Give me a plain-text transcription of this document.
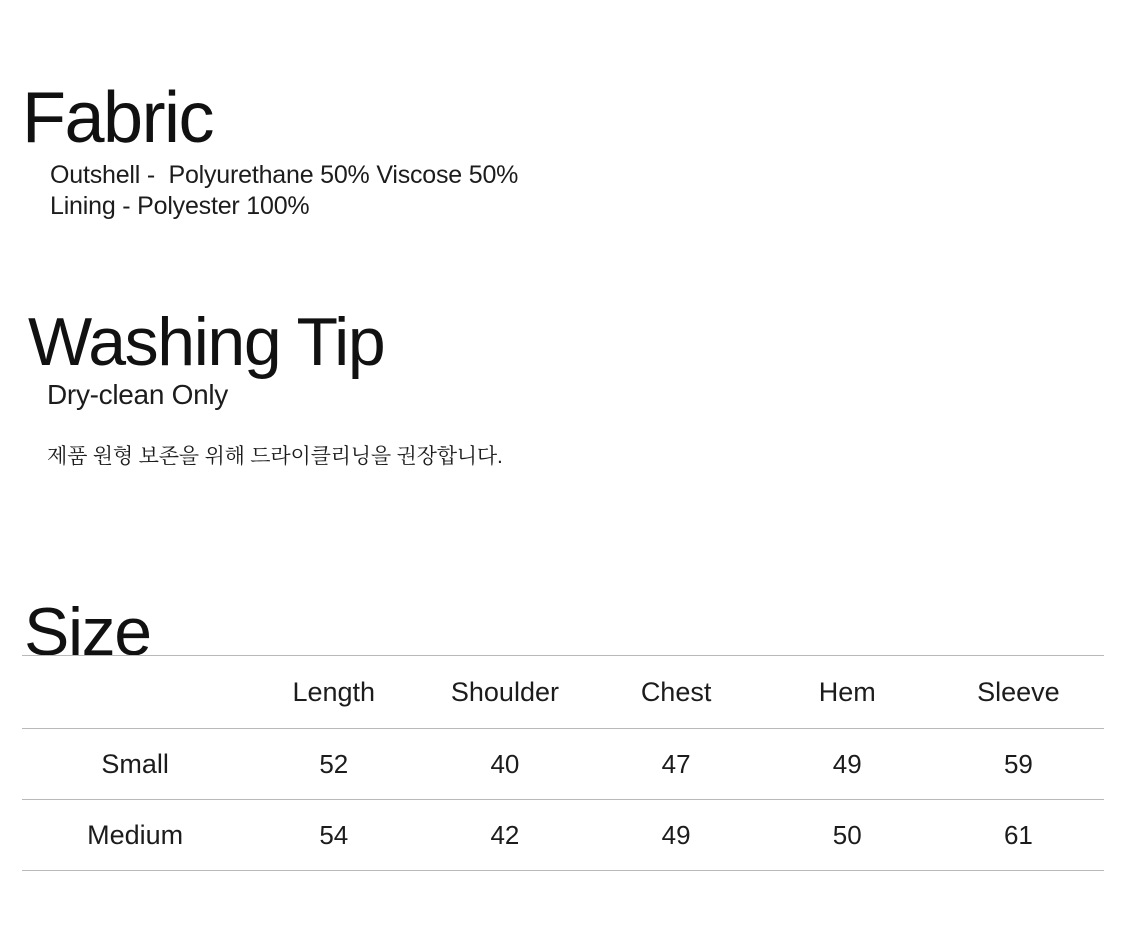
Fabric
Outshell -  Polyurethane 50% Viscose 50%
Lining - Polyester 100%
Washing Tip
Dry-clean Only
제품 원형 보존을 위해 드라이클리닝을 권장합니다.
Size
	Length	Shoulder	Chest	Hem	Sleeve
Small	52	40	47	49	59
Medium	54	42	49	50	61
